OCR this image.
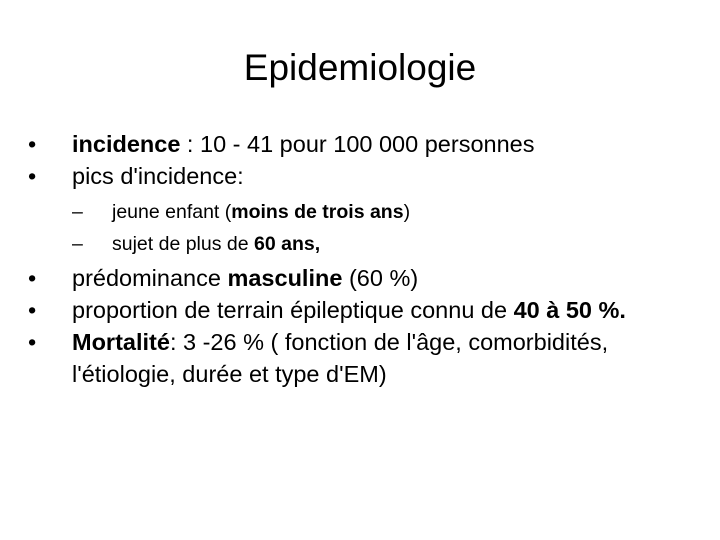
Epidemiologie
• incidence : 10 - 41 pour 100 000 personnes
• pics d'incidence:
– jeune enfant (moins de trois ans)
– sujet de plus de 60 ans,
• prédominance masculine (60 %)
• proportion de terrain épileptique connu de 40 à 50 %.
• Mortalité: 3 -26 % ( fonction de l'âge, comorbidités, l'étiologie, durée et type d'EM)
